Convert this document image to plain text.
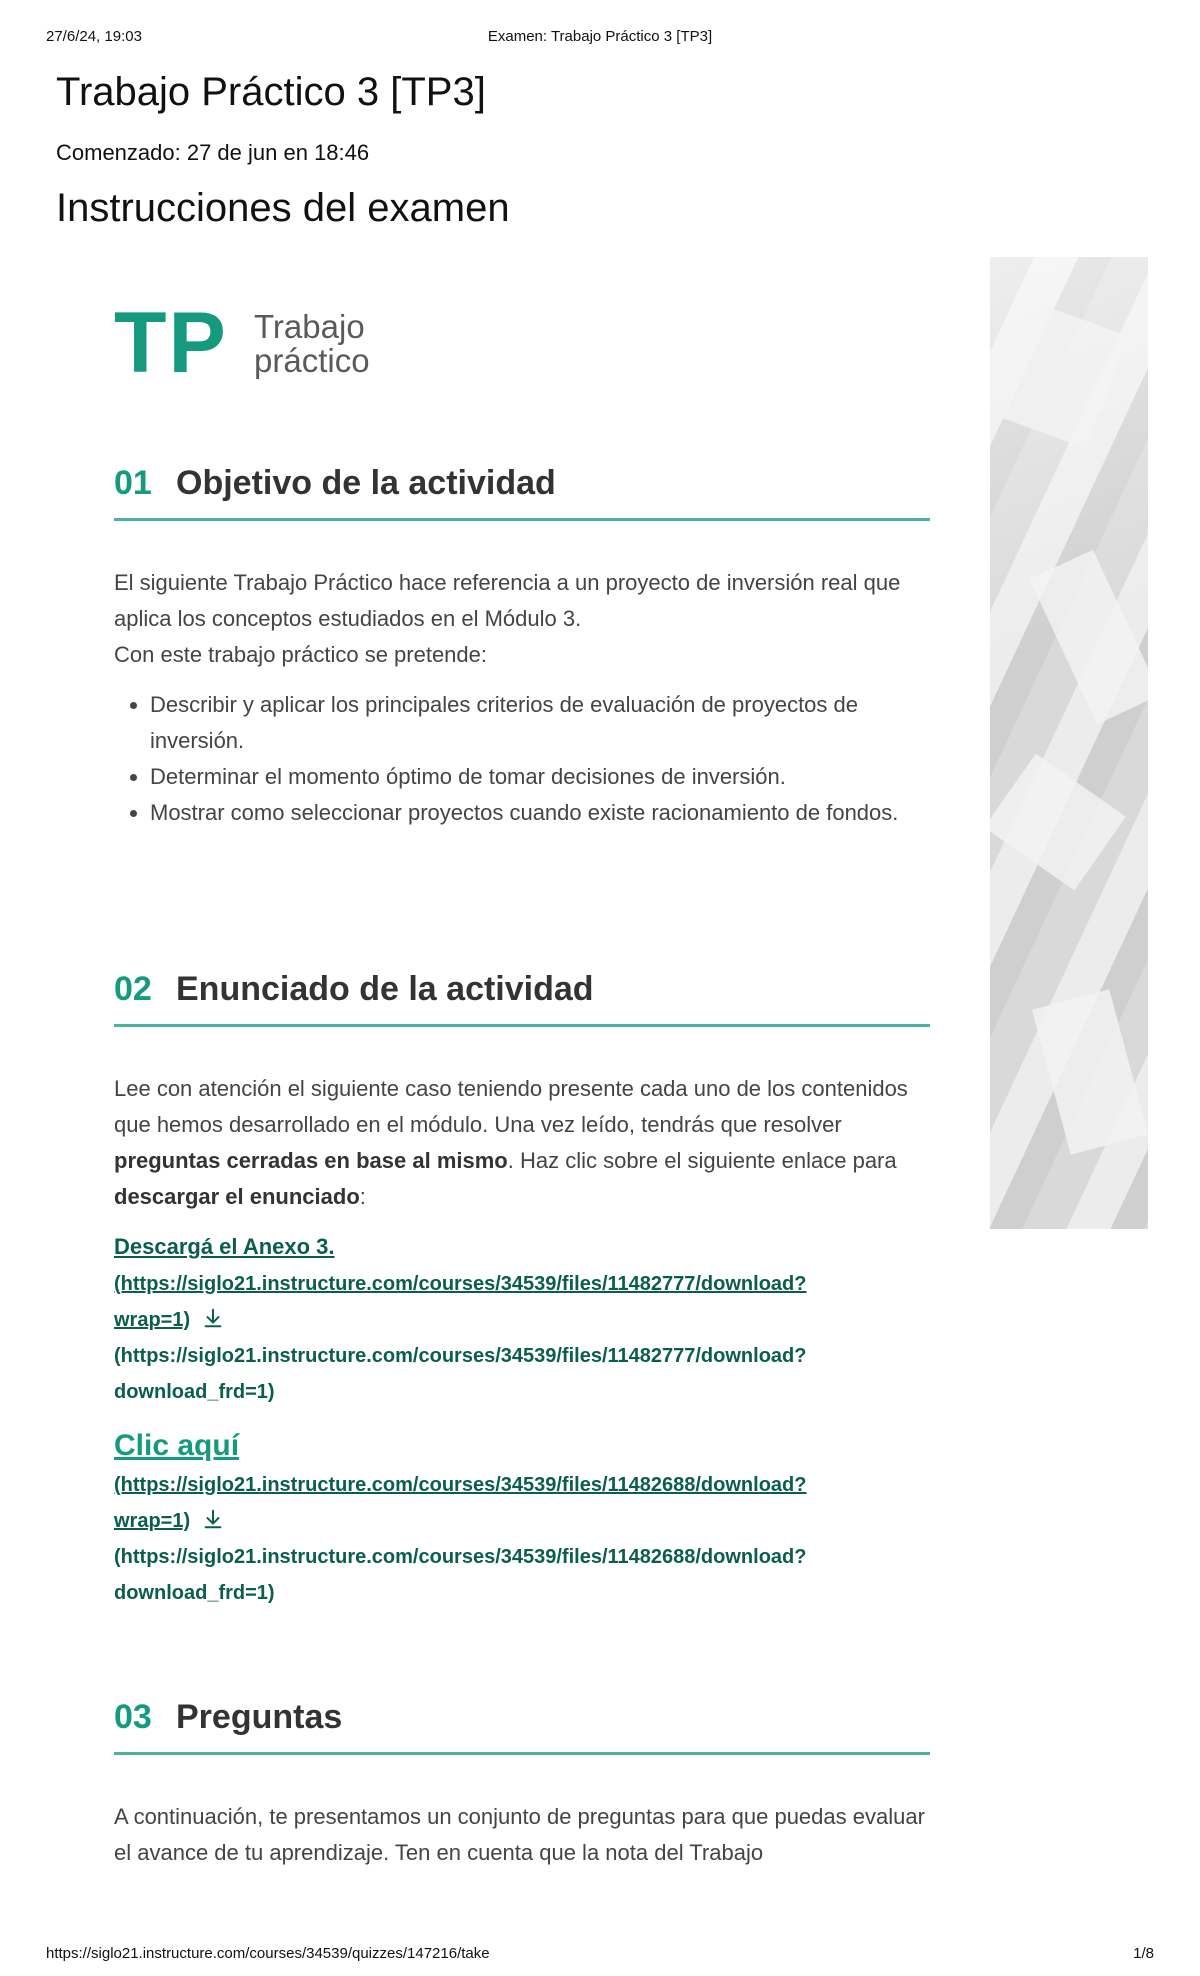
27/6/24, 19:03	Examen: Trabajo Práctico 3 [TP3]
Trabajo Práctico 3 [TP3]
Comenzado: 27 de jun en 18:46
Instrucciones del examen
TP Trabajo
práctico
01 Objetivo de la actividad

El siguiente Trabajo Práctico hace referencia a un proyecto de inversión real que aplica los conceptos estudiados en el Módulo 3.

Con este trabajo práctico se pretende:

• Describir y aplicar los principales criterios de evaluación de proyectos de inversión.
• Determinar el momento óptimo de tomar decisiones de inversión.
• Mostrar como seleccionar proyectos cuando existe racionamiento de fondos.
02 Enunciado de la actividad

Lee con atención el siguiente caso teniendo presente cada uno de los contenidos que hemos desarrollado en el módulo. Una vez leído, tendrás que resolver preguntas cerradas en base al mismo. Haz clic sobre el siguiente enlace para descargar el enunciado:

Descargá el Anexo 3.
(https://siglo21.instructure.com/courses/34539/files/11482777/download?
wrap=1)
(https://siglo21.instructure.com/courses/34539/files/11482777/download?
download_frd=1)
Clic aquí
(https://siglo21.instructure.com/courses/34539/files/11482688/download?
wrap=1)
(https://siglo21.instructure.com/courses/34539/files/11482688/download?
download_frd=1)
03 Preguntas

A continuación, te presentamos un conjunto de preguntas para que puedas evaluar el avance de tu aprendizaje. Ten en cuenta que la nota del Trabajo

https://siglo21.instructure.com/courses/34539/quizzes/147216/take	1/8
